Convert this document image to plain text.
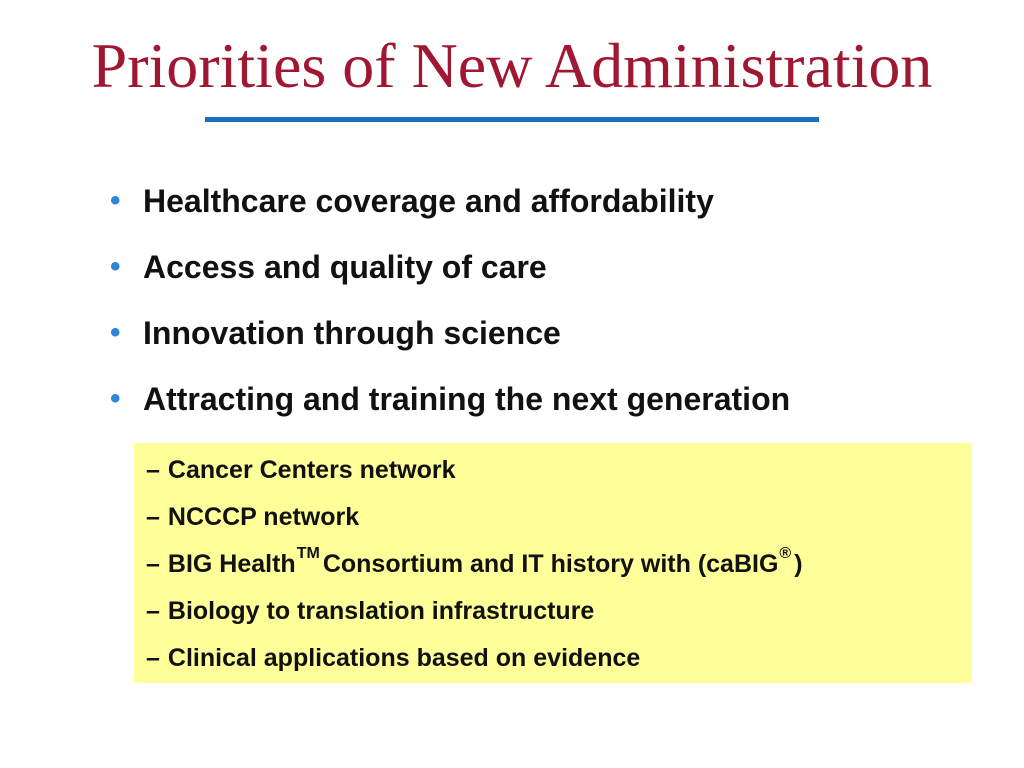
Priorities of New Administration
• Healthcare coverage and affordability
• Access and quality of care
• Innovation through science
• Attracting and training the next generation
– Cancer Centers network
– NCCCP network
– BIG Health TM Consortium and IT history with (caBIG ® )
– Biology to translation infrastructure
– Clinical applications based on evidence
